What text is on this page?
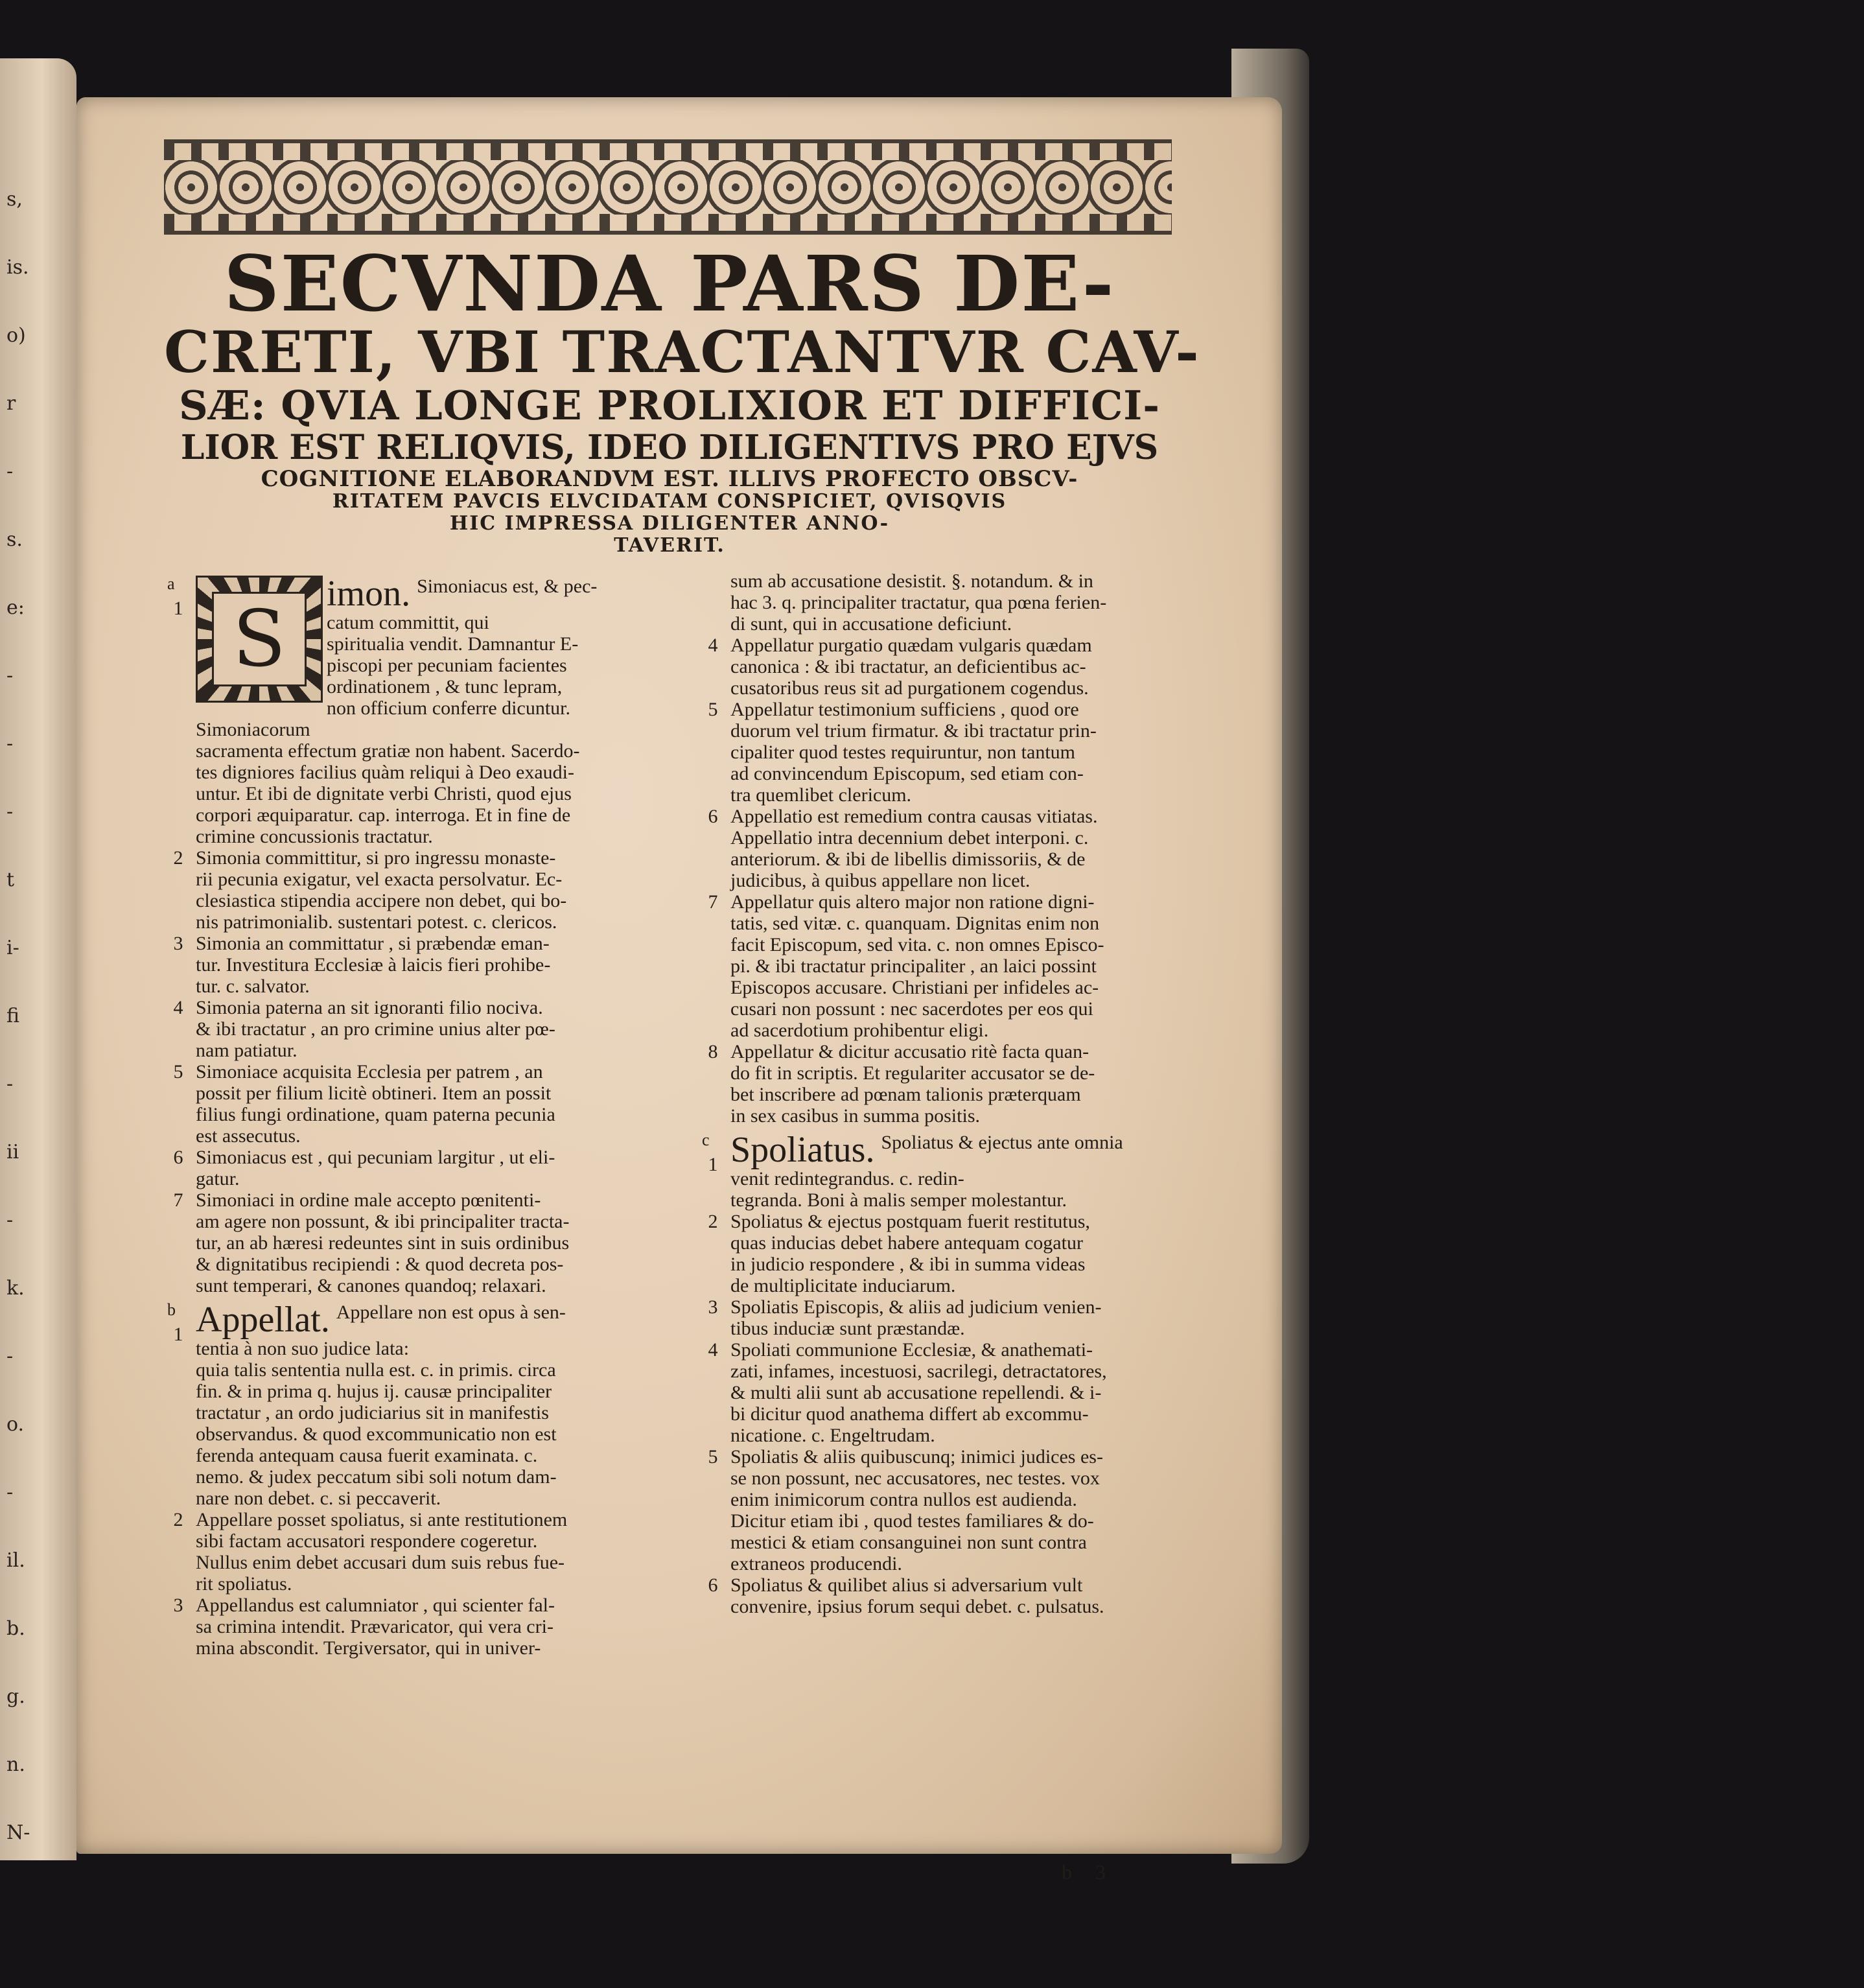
s,
is.
o)
r
-
s.
e:
-
-
-
t
i-
fi
-
ii
-
k.
-
o.
-
il.
b.
g.
n.
N-
SECVNDA PARS DE-
CRETI, VBI TRACTANTVR CAV-
SÆ: QVIA LONGE PROLIXIOR ET DIFFICI-
LIOR EST RELIQVIS, IDEO DILIGENTIVS PRO EJVS
COGNITIONE ELABORANDVM EST. ILLIVS PROFECTO OBSCV-
RITATEM PAVCIS ELVCIDATAM CONSPICIET, QVISQVIS
HIC IMPRESSA DILIGENTER ANNO-
TAVERIT.
a
1 S
imon. Simoniacus est, & pec-
catum committit, qui
spiritualia vendit. Damnantur E-
piscopi per pecuniam facientes
ordinationem , & tunc lepram,
non officium conferre dicuntur. Simoniacorum
sacramenta effectum gratiæ non habent. Sacerdo-
tes digniores facilius quàm reliqui à Deo exaudi-
untur. Et ibi de dignitate verbi Christi, quod ejus
corpori æquiparatur. cap. interroga. Et in fine de
crimine concussionis tractatur.

2 Simonia committitur, si pro ingressu monaste-
rii pecunia exigatur, vel exacta persolvatur. Ec-
clesiastica stipendia accipere non debet, qui bo-
nis patrimonialib. sustentari potest. c. clericos.
3 Simonia an committatur , si præbendæ eman-
tur. Investitura Ecclesiæ à laicis fieri prohibe-
tur. c. salvator.
4 Simonia paterna an sit ignoranti filio nociva.
& ibi tractatur , an pro crimine unius alter pœ-
nam patiatur.
5 Simoniace acquisita Ecclesia per patrem , an
possit per filium licitè obtineri. Item an possit
filius fungi ordinatione, quam paterna pecunia
est assecutus.
6 Simoniacus est , qui pecuniam largitur , ut eli-
gatur.
7 Simoniaci in ordine male accepto pœnitenti-
am agere non possunt, & ibi principaliter tracta-
tur, an ab hæresi redeuntes sint in suis ordinibus
& dignitatibus recipiendi : & quod decreta pos-
sunt temperari, & canones quandoq; relaxari.
b
1 Appellat. Appellare non est opus à sen-
tentia à non suo judice lata:
quia talis sententia nulla est. c. in primis. circa
fin. & in prima q. hujus ij. causæ principaliter
tractatur , an ordo judiciarius sit in manifestis
observandus. & quod excommunicatio non est
ferenda antequam causa fuerit examinata. c.
nemo. & judex peccatum sibi soli notum dam-
nare non debet. c. si peccaverit.

2 Appellare posset spoliatus, si ante restitutionem
sibi factam accusatori respondere cogeretur.
Nullus enim debet accusari dum suis rebus fue-
rit spoliatus.
3 Appellandus est calumniator , qui scienter fal-
sa crimina intendit. Prævaricator, qui vera cri-
mina abscondit. Tergiversator, qui in univer-
sum ab accusatione desistit. §. notandum. & in
hac 3. q. principaliter tractatur, qua pœna ferien-
di sunt, qui in accusatione deficiunt.
4 Appellatur purgatio quædam vulgaris quædam
canonica : & ibi tractatur, an deficientibus ac-
cusatoribus reus sit ad purgationem cogendus.
5 Appellatur testimonium sufficiens , quod ore
duorum vel trium firmatur. & ibi tractatur prin-
cipaliter quod testes requiruntur, non tantum
ad convincendum Episcopum, sed etiam con-
tra quemlibet clericum.
6 Appellatio est remedium contra causas vitiatas.
Appellatio intra decennium debet interponi. c.
anteriorum. & ibi de libellis dimissoriis, & de
judicibus, à quibus appellare non licet.
7 Appellatur quis altero major non ratione digni-
tatis, sed vitæ. c. quanquam. Dignitas enim non
facit Episcopum, sed vita. c. non omnes Episco-
pi. & ibi tractatur principaliter , an laici possint
Episcopos accusare. Christiani per infideles ac-
cusari non possunt : nec sacerdotes per eos qui
ad sacerdotium prohibentur eligi.
8 Appellatur & dicitur accusatio ritè facta quan-
do fit in scriptis. Et regulariter accusator se de-
bet inscribere ad pœnam talionis præterquam
in sex casibus in summa positis.
c
1 Spoliatus. Spoliatus & ejectus ante omnia
venit redintegrandus. c. redin-
tegranda. Boni à malis semper molestantur.

2 Spoliatus & ejectus postquam fuerit restitutus,
quas inducias debet habere antequam cogatur
in judicio respondere , & ibi in summa videas
de multiplicitate induciarum.
3 Spoliatis Episcopis, & aliis ad judicium venien-
tibus induciæ sunt præstandæ.
4 Spoliati communione Ecclesiæ, & anathemati-
zati, infames, incestuosi, sacrilegi, detractatores,
& multi alii sunt ab accusatione repellendi. & i-
bi dicitur quod anathema differt ab excommu-
nicatione. c. Engeltrudam.
5 Spoliatis & aliis quibuscunq; inimici judices es-
se non possunt, nec accusatores, nec testes. vox
enim inimicorum contra nullos est audienda.
Dicitur etiam ibi , quod testes familiares & do-
mestici & etiam consanguinei non sunt contra
extraneos producendi.
6 Spoliatus & quilibet alius si adversarium vult
convenire, ipsius forum sequi debet. c. pulsatus.
b 3
